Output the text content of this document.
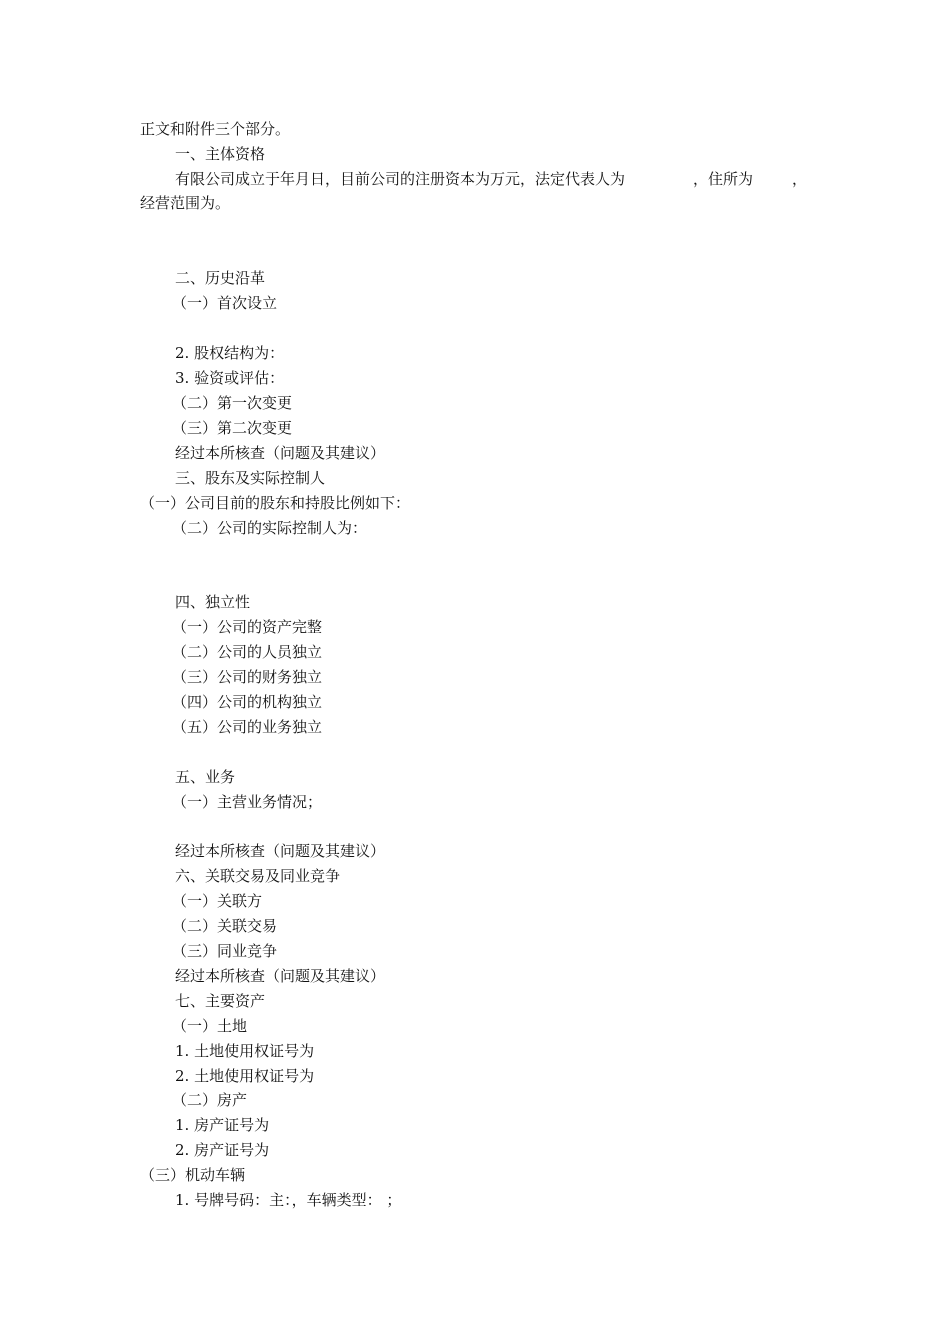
正文和附件三个部分。
一、主体资格
有限公司成立于年月日，目前公司的注册资本为万元，法定代表人为	，住所为	，
经营范围为。
二、历史沿革
（一）首次设立
2. 股权结构为：
3. 验资或评估：
（二）第一次变更
（三）第二次变更
经过本所核查（问题及其建议）
三、股东及实际控制人
（一）公司目前的股东和持股比例如下：
（二）公司的实际控制人为：
四、独立性
（一）公司的资产完整
（二）公司的人员独立
（三）公司的财务独立
（四）公司的机构独立
（五）公司的业务独立
五、业务
（一）主营业务情况；
经过本所核查（问题及其建议）
六、关联交易及同业竞争
（一）关联方
（二）关联交易
（三）同业竞争
经过本所核查（问题及其建议）
七、主要资产
（一）土地
1. 土地使用权证号为
2. 土地使用权证号为
（二）房产
1. 房产证号为
2. 房产证号为
（三）机动车辆
1. 号牌号码：主：，车辆类型： ；
